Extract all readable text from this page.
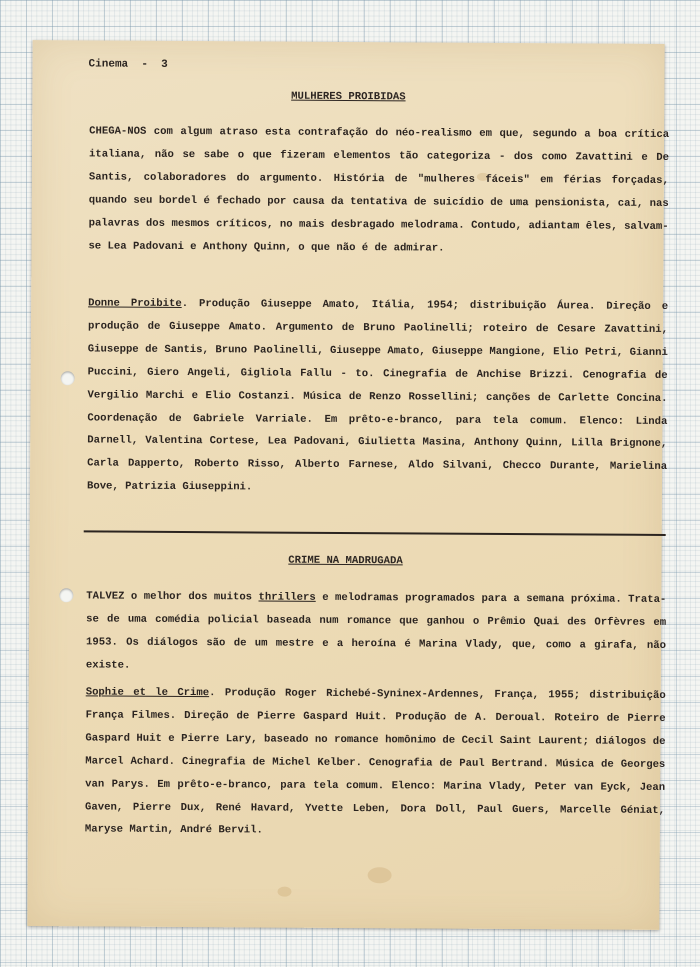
Cinema  -  3
MULHERES PROIBIDAS
CHEGA-NOS com algum atraso esta contrafação do néo-realismo em que, segundo a boa crítica italiana, não se sabe o que fizeram elementos tão categoriza - dos como Zavattini e De Santis, colaboradores do argumento. História de "mulheres fáceis" em férias forçadas, quando seu bordel é fechado por causa da tentativa de suicídio de uma pensionista, cai, nas palavras dos mesmos críticos, no mais desbragado melodrama. Contudo, adiantam êles, salvam-se Lea Padovani e Anthony Quinn, o que não é de admirar.
Donne Proibite. Produção Giuseppe Amato, Itália, 1954; distribuição Áurea. Direção e produção de Giuseppe Amato. Argumento de Bruno Paolinelli; roteiro de Cesare Zavattini, Giuseppe de Santis, Bruno Paolinelli, Giuseppe Amato, Giuseppe Mangione, Elio Petri, Gianni Puccini, Giero Angeli, Gigliola Fallu - to. Cinegrafia de Anchise Brizzi. Cenografia de Vergilio Marchi e Elio Costanzi. Música de Renzo Rossellini; canções de Carlette Concina. Coordenação de Gabriele Varriale. Em prêto-e-branco, para tela comum. Elenco: Linda Darnell, Valentina Cortese, Lea Padovani, Giulietta Masina, Anthony Quinn, Lilla Brignone, Carla Dapperto, Roberto Risso, Alberto Farnese, Aldo Silvani, Checco Durante, Marielina Bove, Patrizia Giuseppini.
CRIME NA MADRUGADA
TALVEZ o melhor dos muitos thrillers e melodramas programados para a semana próxima. Trata-se de uma comédia policial baseada num romance que ganhou o Prêmio Quai des Orfèvres em 1953. Os diálogos são de um mestre e a heroína é Marina Vlady, que, como a girafa, não existe.
Sophie et le Crime. Produção Roger Richebé-Syninex-Ardennes, França, 1955; distribuição França Filmes. Direção de Pierre Gaspard Huit. Produção de A. Deroual. Roteiro de Pierre Gaspard Huit e Pierre Lary, baseado no romance homônimo de Cecil Saint Laurent; diálogos de Marcel Achard. Cinegrafia de Michel Kelber. Cenografia de Paul Bertrand. Música de Georges van Parys. Em prêto-e-branco, para tela comum. Elenco: Marina Vlady, Peter van Eyck, Jean Gaven, Pierre Dux, René Havard, Yvette Leben, Dora Doll, Paul Guers, Marcelle Géniat, Maryse Martin, André Bervil.
